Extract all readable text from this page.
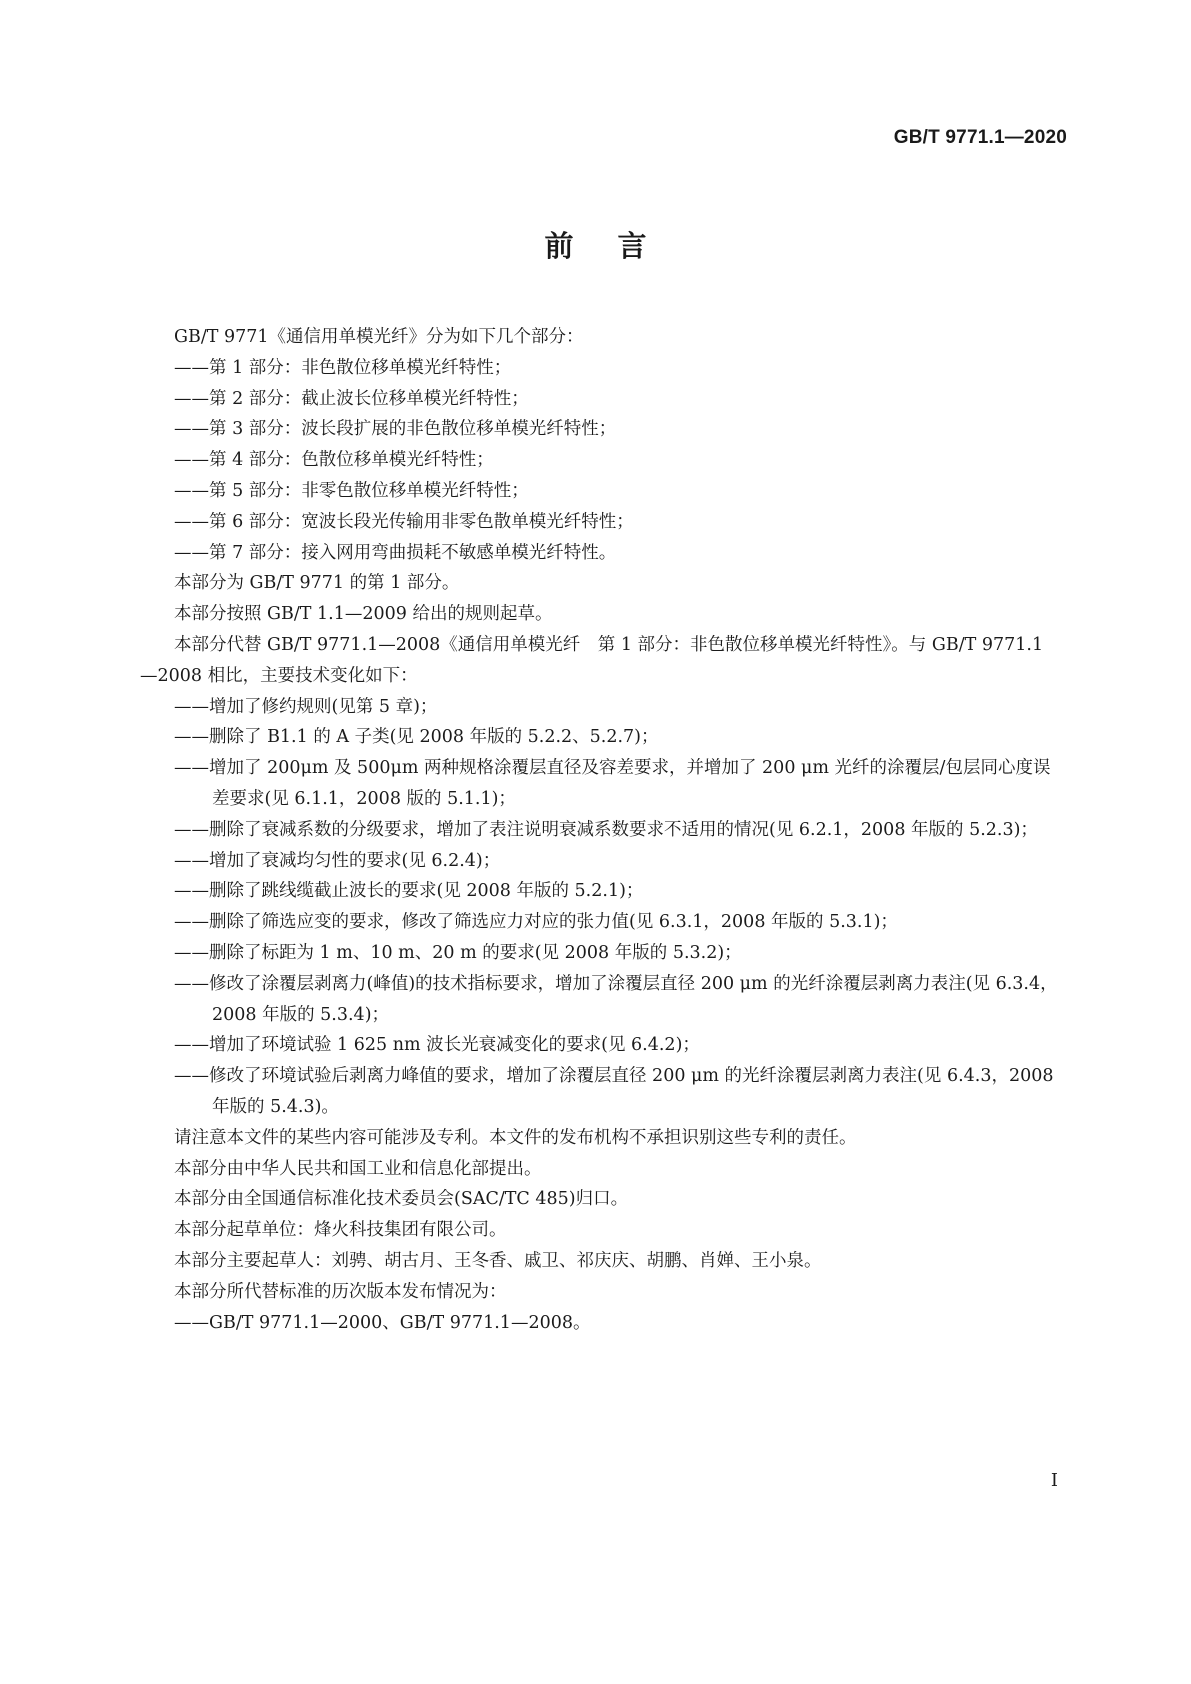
GB/T 9771.1—2020
前言

GB/T 9771《通信用单模光纤》分为如下几个部分：

——第 1 部分：非色散位移单模光纤特性；

——第 2 部分：截止波长位移单模光纤特性；

——第 3 部分：波长段扩展的非色散位移单模光纤特性；

——第 4 部分：色散位移单模光纤特性；

——第 5 部分：非零色散位移单模光纤特性；

——第 6 部分：宽波长段光传输用非零色散单模光纤特性；

——第 7 部分：接入网用弯曲损耗不敏感单模光纤特性。

本部分为 GB/T 9771 的第 1 部分。

本部分按照 GB/T 1.1—2009 给出的规则起草。

本部分代替 GB/T 9771.1—2008《通信用单模光纤　第 1 部分：非色散位移单模光纤特性》。与 GB/T 9771.1—2008 相比，主要技术变化如下：

——增加了修约规则(见第 5 章)；

——删除了 B1.1 的 A 子类(见 2008 年版的 5.2.2、5.2.7)；

——增加了 200μm 及 500μm 两种规格涂覆层直径及容差要求，并增加了 200 μm 光纤的涂覆层/包层同心度误差要求(见 6.1.1，2008 版的 5.1.1)；

——删除了衰减系数的分级要求，增加了表注说明衰减系数要求不适用的情况(见 6.2.1，2008 年版的 5.2.3)；

——增加了衰减均匀性的要求(见 6.2.4)；

——删除了跳线缆截止波长的要求(见 2008 年版的 5.2.1)；

——删除了筛选应变的要求，修改了筛选应力对应的张力值(见 6.3.1，2008 年版的 5.3.1)；

——删除了标距为 1 m、10 m、20 m 的要求(见 2008 年版的 5.3.2)；

——修改了涂覆层剥离力(峰值)的技术指标要求，增加了涂覆层直径 200 μm 的光纤涂覆层剥离力表注(见 6.3.4，2008 年版的 5.3.4)；

——增加了环境试验 1 625 nm 波长光衰减变化的要求(见 6.4.2)；

——修改了环境试验后剥离力峰值的要求，增加了涂覆层直径 200 μm 的光纤涂覆层剥离力表注(见 6.4.3，2008 年版的 5.4.3)。

请注意本文件的某些内容可能涉及专利。本文件的发布机构不承担识别这些专利的责任。

本部分由中华人民共和国工业和信息化部提出。

本部分由全国通信标准化技术委员会(SAC/TC 485)归口。

本部分起草单位：烽火科技集团有限公司。

本部分主要起草人：刘骋、胡古月、王冬香、戚卫、祁庆庆、胡鹏、肖婵、王小泉。

本部分所代替标准的历次版本发布情况为：

——GB/T 9771.1—2000、GB/T 9771.1—2008。

I
